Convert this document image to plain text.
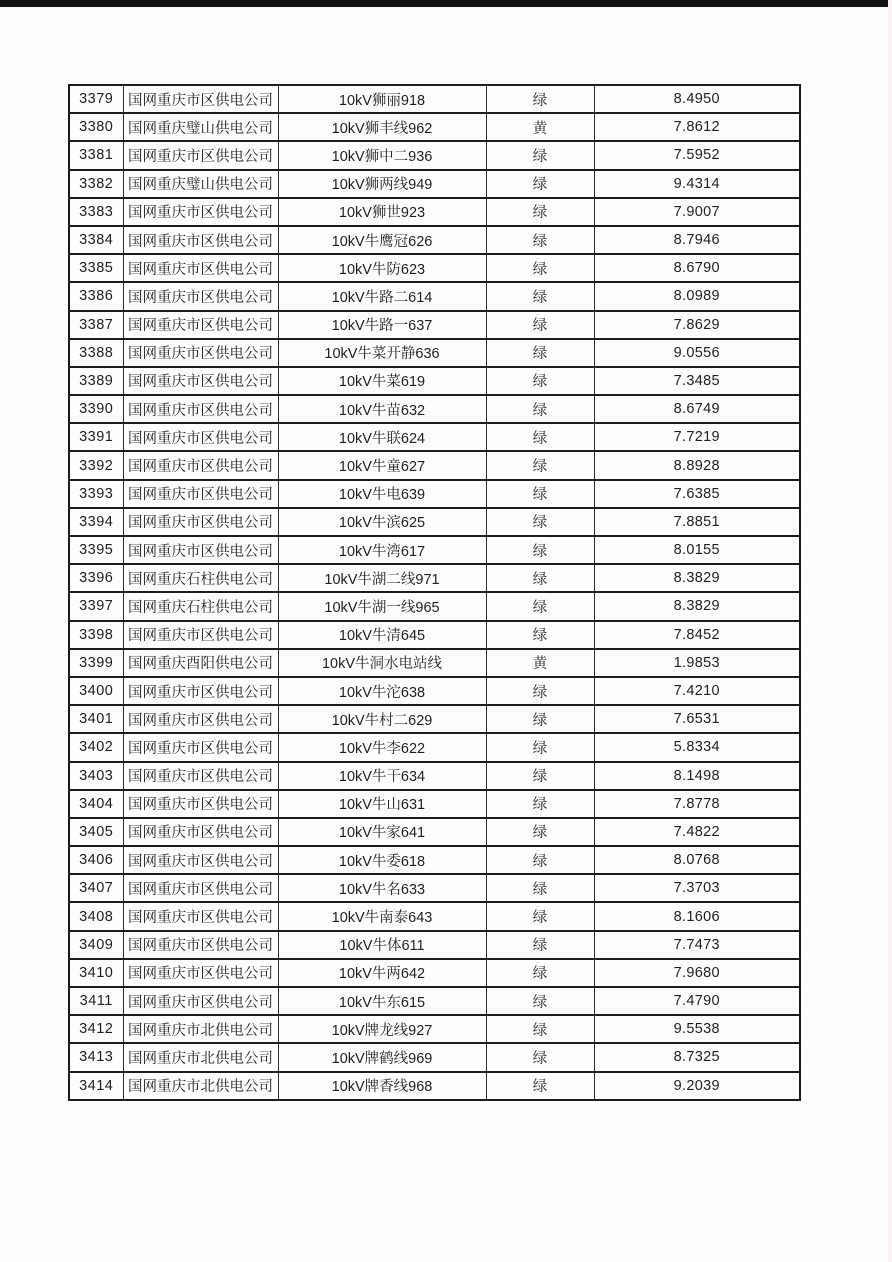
3379	国网重庆市区供电公司	10kV狮丽918	绿	8.4950
3380	国网重庆璧山供电公司	10kV狮丰线962	黄	7.8612
3381	国网重庆市区供电公司	10kV狮中二936	绿	7.5952
3382	国网重庆璧山供电公司	10kV狮两线949	绿	9.4314
3383	国网重庆市区供电公司	10kV狮世923	绿	7.9007
3384	国网重庆市区供电公司	10kV牛鹰冠626	绿	8.7946
3385	国网重庆市区供电公司	10kV牛防623	绿	8.6790
3386	国网重庆市区供电公司	10kV牛路二614	绿	8.0989
3387	国网重庆市区供电公司	10kV牛路一637	绿	7.8629
3388	国网重庆市区供电公司	10kV牛菜开静636	绿	9.0556
3389	国网重庆市区供电公司	10kV牛菜619	绿	7.3485
3390	国网重庆市区供电公司	10kV牛苗632	绿	8.6749
3391	国网重庆市区供电公司	10kV牛联624	绿	7.7219
3392	国网重庆市区供电公司	10kV牛童627	绿	8.8928
3393	国网重庆市区供电公司	10kV牛电639	绿	7.6385
3394	国网重庆市区供电公司	10kV牛滨625	绿	7.8851
3395	国网重庆市区供电公司	10kV牛湾617	绿	8.0155
3396	国网重庆石柱供电公司	10kV牛湖二线971	绿	8.3829
3397	国网重庆石柱供电公司	10kV牛湖一线965	绿	8.3829
3398	国网重庆市区供电公司	10kV牛清645	绿	7.8452
3399	国网重庆酉阳供电公司	10kV牛洞水电站线	黄	1.9853
3400	国网重庆市区供电公司	10kV牛沱638	绿	7.4210
3401	国网重庆市区供电公司	10kV牛村二629	绿	7.6531
3402	国网重庆市区供电公司	10kV牛李622	绿	5.8334
3403	国网重庆市区供电公司	10kV牛干634	绿	8.1498
3404	国网重庆市区供电公司	10kV牛山631	绿	7.8778
3405	国网重庆市区供电公司	10kV牛家641	绿	7.4822
3406	国网重庆市区供电公司	10kV牛委618	绿	8.0768
3407	国网重庆市区供电公司	10kV牛名633	绿	7.3703
3408	国网重庆市区供电公司	10kV牛南泰643	绿	8.1606
3409	国网重庆市区供电公司	10kV牛体611	绿	7.7473
3410	国网重庆市区供电公司	10kV牛两642	绿	7.9680
3411	国网重庆市区供电公司	10kV牛东615	绿	7.4790
3412	国网重庆市北供电公司	10kV牌龙线927	绿	9.5538
3413	国网重庆市北供电公司	10kV牌鹤线969	绿	8.7325
3414	国网重庆市北供电公司	10kV牌香线968	绿	9.2039
